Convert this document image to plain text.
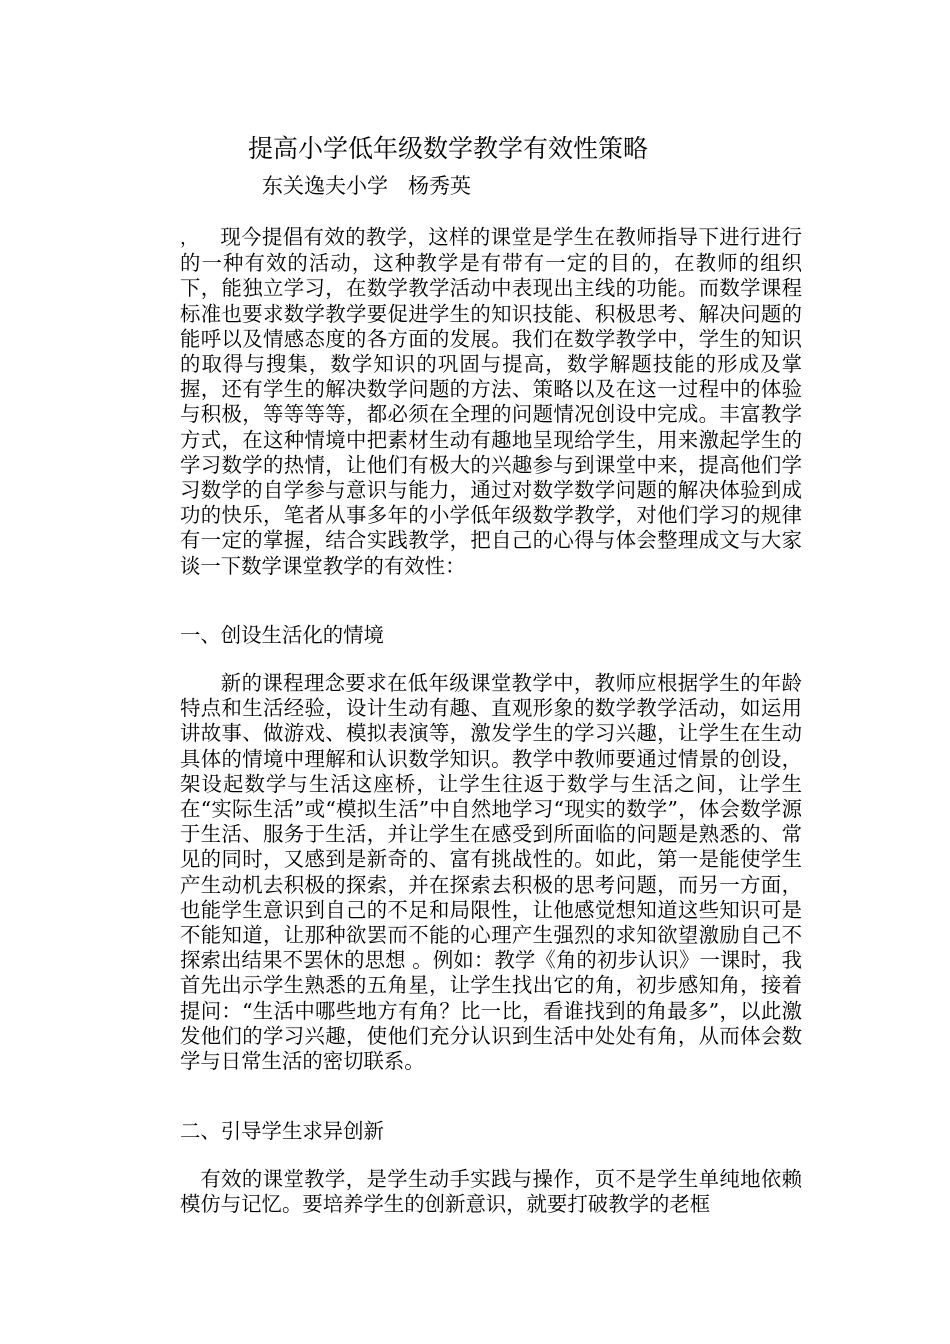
提高小学低年级数学教学有效性策略
东关逸夫小学   杨秀英

， 现今提倡有效的教学，这样的课堂是学生在教师指导下进行进行的一种有效的活动，这种教学是有带有一定的目的，在教师的组织下，能独立学习，在数学教学活动中表现出主线的功能。而数学课程标准也要求数学教学要促进学生的知识技能、积极思考、解决问题的能呼以及情感态度的各方面的发展。我们在数学教学中，学生的知识的取得与搜集，数学知识的巩固与提高，数学解题技能的形成及掌握，还有学生的解决数学问题的方法、策略以及在这一过程中的体验与积极，等等等等，都必须在全理的问题情况创设中完成。丰富教学方式，在这种情境中把素材生动有趣地呈现给学生，用来激起学生的学习数学的热情，让他们有极大的兴趣参与到课堂中来，提高他们学习数学的自学参与意识与能力，通过对数学数学问题的解决体验到成功的快乐，笔者从事多年的小学低年级数学教学，对他们学习的规律有一定的掌握，结合实践教学，把自己的心得与体会整理成文与大家谈一下数学课堂教学的有效性：

一、创设生活化的情境

新的课程理念要求在低年级课堂教学中，教师应根据学生的年龄特点和生活经验，设计生动有趣、直观形象的数学教学活动，如运用讲故事、做游戏、模拟表演等，激发学生的学习兴趣，让学生在生动具体的情境中理解和认识数学知识。教学中教师要通过情景的创设，架设起数学与生活这座桥，让学生往返于数学与生活之间，让学生在“实际生活”或“模拟生活”中自然地学习“现实的数学”，体会数学源于生活、服务于生活，并让学生在感受到所面临的问题是熟悉的、常见的同时，又感到是新奇的、富有挑战性的。如此，第一是能使学生产生动机去积极的探索，并在探索去积极的思考问题，而另一方面，也能学生意识到自己的不足和局限性，让他感觉想知道这些知识可是不能知道，让那种欲罢而不能的心理产生强烈的求知欲望激励自己不探索出结果不罢休的思想 。例如：教学《角的初步认识》一课时，我首先出示学生熟悉的五角星，让学生找出它的角，初步感知角，接着提问：“生活中哪些地方有角？比一比，看谁找到的角最多”，以此激发他们的学习兴趣，使他们充分认识到生活中处处有角，从而体会数学与日常生活的密切联系。

二、引导学生求异创新

有效的课堂教学，是学生动手实践与操作，页不是学生单纯地依赖模仿与记忆。要培养学生的创新意识，就要打破教学的老框
